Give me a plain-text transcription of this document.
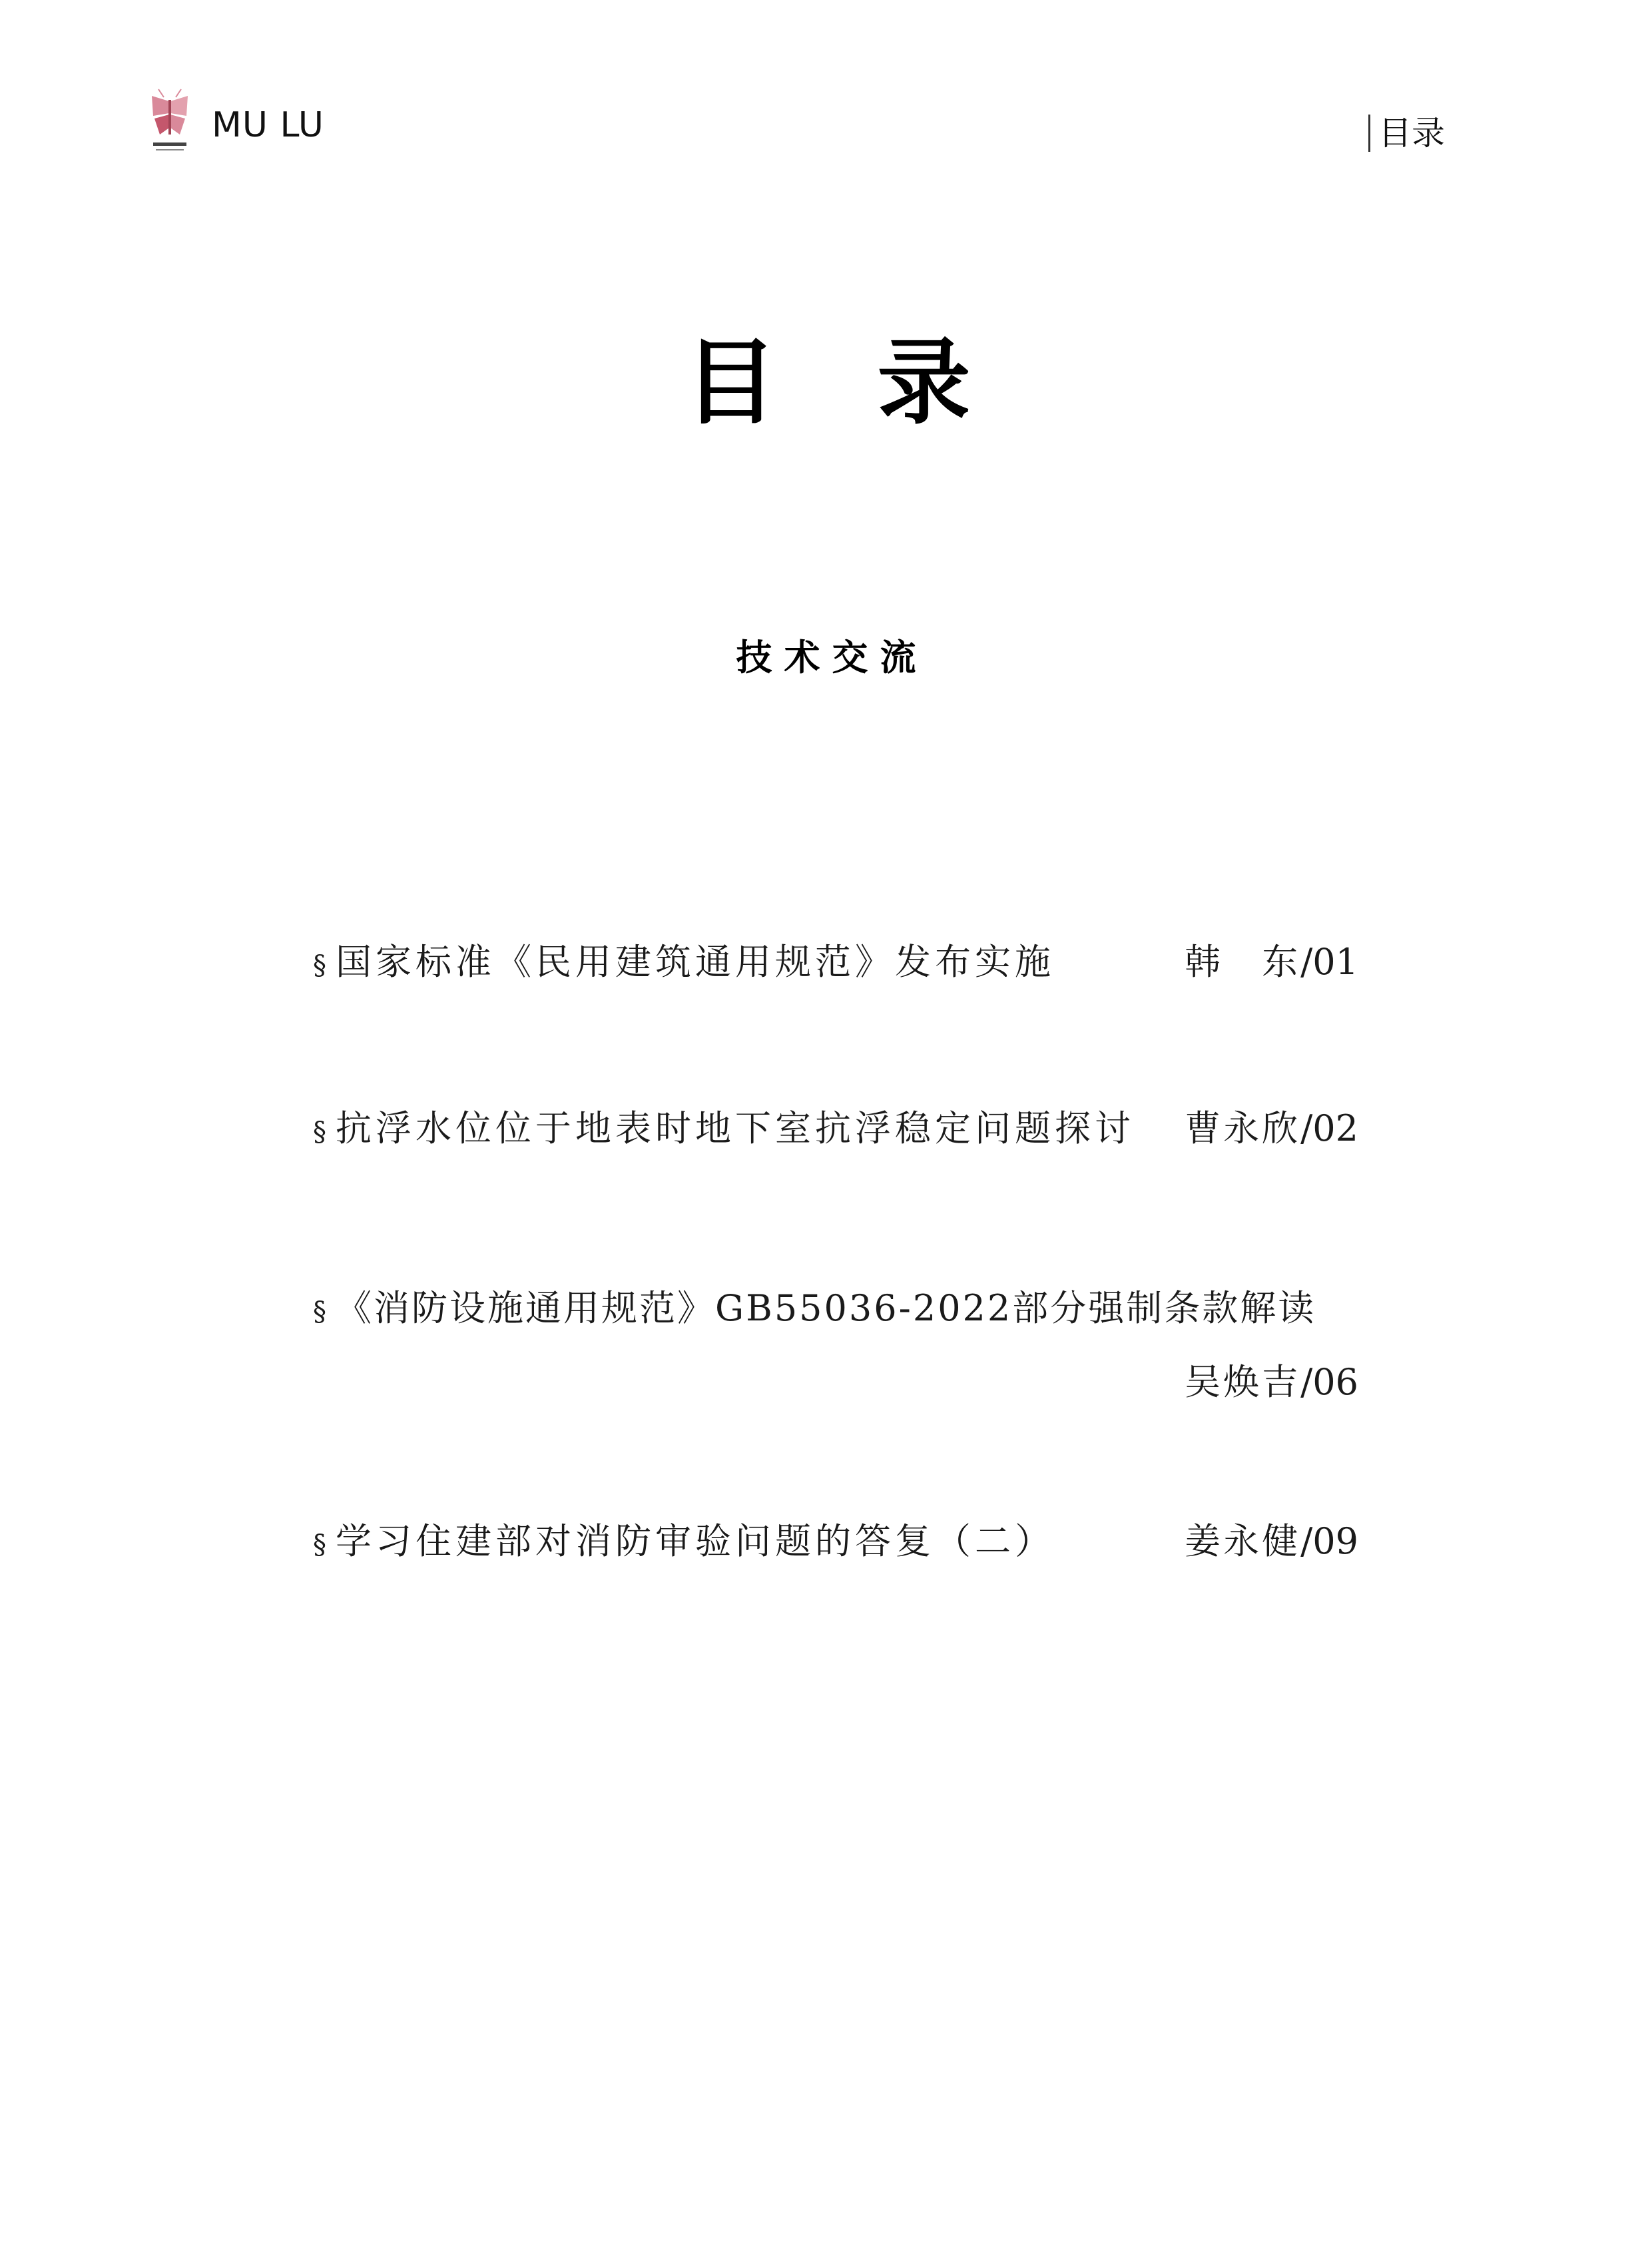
MU LU	目录
目录
技术交流
§ 国家标准《民用建筑通用规范》发布实施	韩　东 /01
§ 抗浮水位位于地表时地下室抗浮稳定问题探讨 曹永欣 /02
§ 《消防设施通用规范》GB55036-2022部分强制条款解读
吴焕吉 /06
§ 学习住建部对消防审验问题的答复（二）	姜永健 /09
